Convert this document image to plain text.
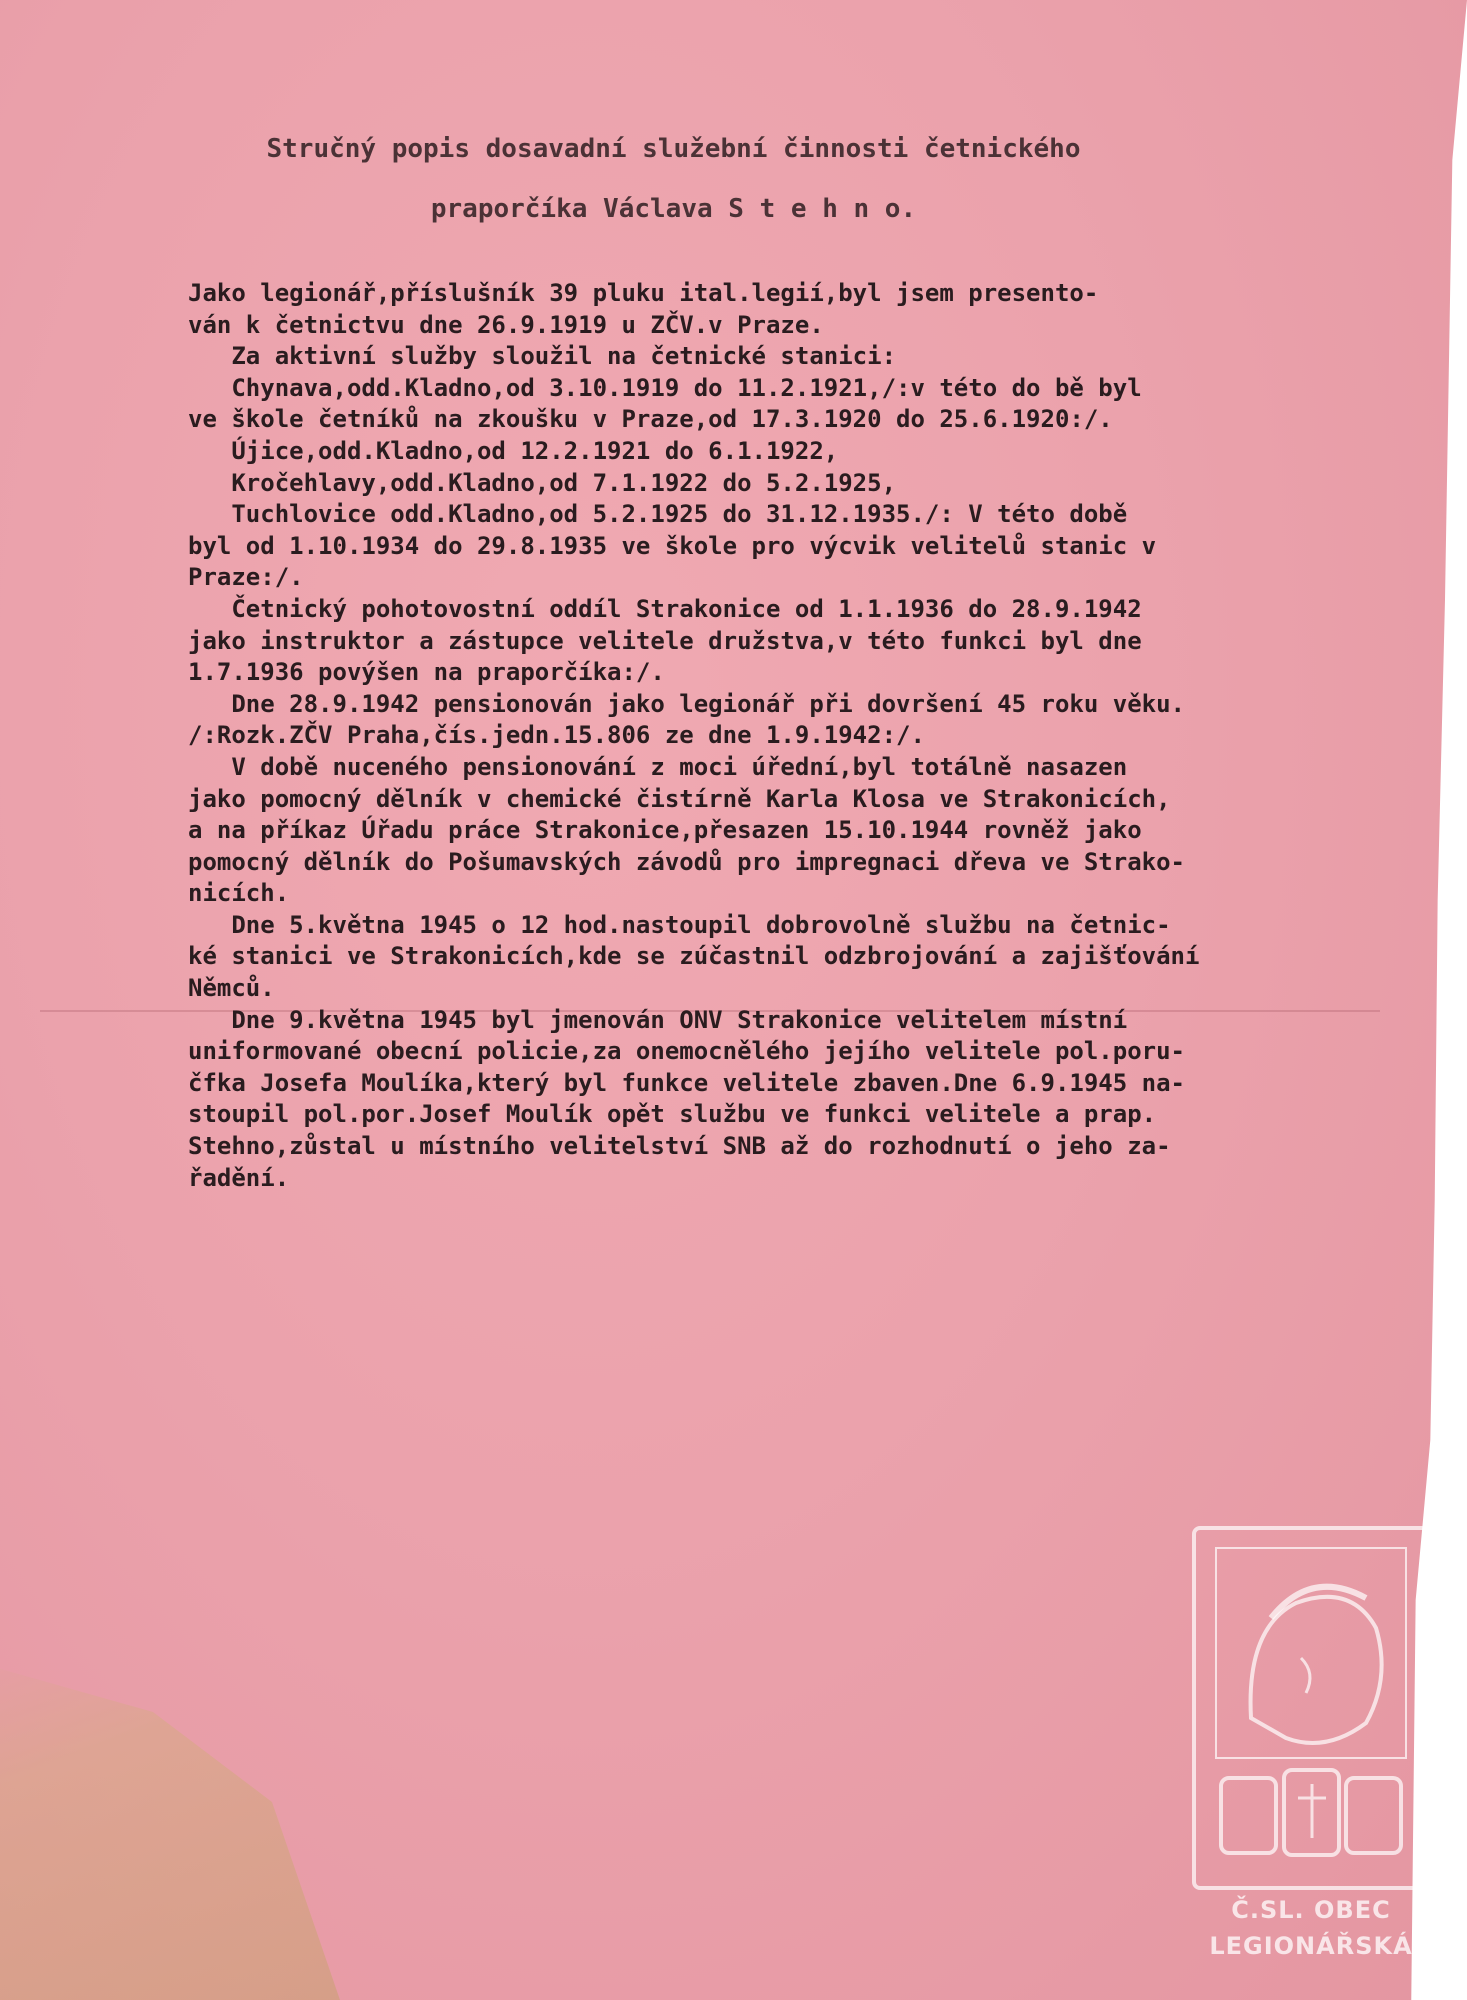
Stručný popis dosavadní služební činnosti četnického
praporčíka Václava S t e h n o.
Jako legionář,příslušník 39 pluku ital.legií,byl jsem presento-
ván k četnictvu dne 26.9.1919 u ZČV.v Praze.
Za aktivní služby sloužil na četnické stanici:
Chynava,odd.Kladno,od 3.10.1919 do 11.2.1921,/:v této do bě byl
ve škole četníků na zkoušku v Praze,od 17.3.1920 do 25.6.1920:/.
Újice,odd.Kladno,od 12.2.1921 do 6.1.1922,
Kročehlavy,odd.Kladno,od 7.1.1922 do 5.2.1925,
Tuchlovice odd.Kladno,od 5.2.1925 do 31.12.1935./: V této době
byl od 1.10.1934 do 29.8.1935 ve škole pro výcvik velitelů stanic v
Praze:/.
Četnický pohotovostní oddíl Strakonice od 1.1.1936 do 28.9.1942
jako instruktor a zástupce velitele družstva,v této funkci byl dne
1.7.1936 povýšen na praporčíka:/.
Dne 28.9.1942 pensionován jako legionář při dovršení 45 roku věku.
/:Rozk.ZČV Praha,čís.jedn.15.806 ze dne 1.9.1942:/.
V době nuceného pensionování z moci úřední,byl totálně nasazen
jako pomocný dělník v chemické čistírně Karla Klosa ve Strakonicích,
a na příkaz Úřadu práce Strakonice,přesazen 15.10.1944 rovněž jako
pomocný dělník do Pošumavských závodů pro impregnaci dřeva ve Strako-
nicích.
Dne 5.května 1945 o 12 hod.nastoupil dobrovolně službu na četnic-
ké stanici ve Strakonicích,kde se zúčastnil odzbrojování a zajišťování
Němců.
Dne 9.května 1945 byl jmenován ONV Strakonice velitelem místní
uniformované obecní policie,za onemocnělého jejího velitele pol.poru-
čfka Josefa Moulíka,který byl funkce velitele zbaven.Dne 6.9.1945 na-
stoupil pol.por.Josef Moulík opět službu ve funkci velitele a prap.
Stehno,zůstal u místního velitelství SNB až do rozhodnutí o jeho za-
řadění.
Č.SL. OBEC
LEGIONÁŘSKÁ
